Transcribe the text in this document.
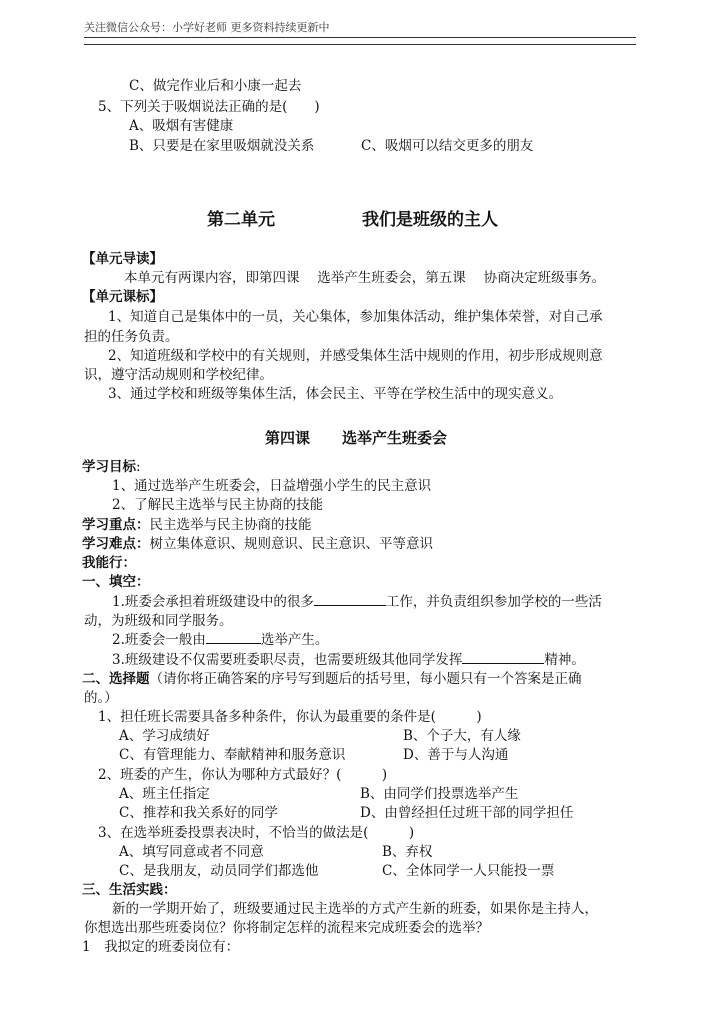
关注微信公众号：小学好老师 更多资料持续更新中
C、做完作业后和小康一起去
5、下列关于吸烟说法正确的是(　　)
A、吸烟有害健康
B、只要是在家里吸烟就没关系	C、吸烟可以结交更多的朋友
第二单元	我们是班级的主人
【单元导读】
本单元有两课内容，即第四课　 选举产生班委会，第五课　 协商决定班级事务。
【单元课标】
1、知道自己是集体中的一员，关心集体，参加集体活动，维护集体荣誉，对自己承
担的任务负责。
2、知道班级和学校中的有关规则，并感受集体生活中规则的作用，初步形成规则意
识，遵守活动规则和学校纪律。
3、通过学校和班级等集体生活，体会民主、平等在学校生活中的现实意义。
第四课 选举产生班委会
学习目标:
1、通过选举产生班委会，日益增强小学生的民主意识
2、了解民主选举与民主协商的技能
学习重点：民主选举与民主协商的技能
学习难点：树立集体意识、规则意识、民主意识、平等意识
我能行：
一、填空：
1.班委会承担着班级建设中的很多	工作，并负责组织参加学校的一些活
动，为班级和同学服务。
2.班委会一般由	选举产生。
3.班级建设不仅需要班委职尽责，也需要班级其他同学发挥	精神。
二、选择题（请你将正确答案的序号写到题后的括号里，每小题只有一个答案是正确
的。）
1、担任班长需要具备多种条件，你认为最重要的条件是(　　　)
A、学习成绩好	B、个子大，有人缘
C、有管理能力、奉献精神和服务意识	D、善于与人沟通
2、班委的产生，你认为哪种方式最好？(　　　)
A、班主任指定	B、由同学们投票选举产生
C、推荐和我关系好的同学	D、由曾经担任过班干部的同学担任
3、在选举班委投票表决时，不恰当的做法是(　　　)
A、填写同意或者不同意	B、弃权
C、是我朋友，动员同学们都选他	C、全体同学一人只能投一票
三、生活实践：
新的一学期开始了，班级要通过民主选举的方式产生新的班委，如果你是主持人，
你想选出那些班委岗位？你将制定怎样的流程来完成班委会的选举？
1　我拟定的班委岗位有：
